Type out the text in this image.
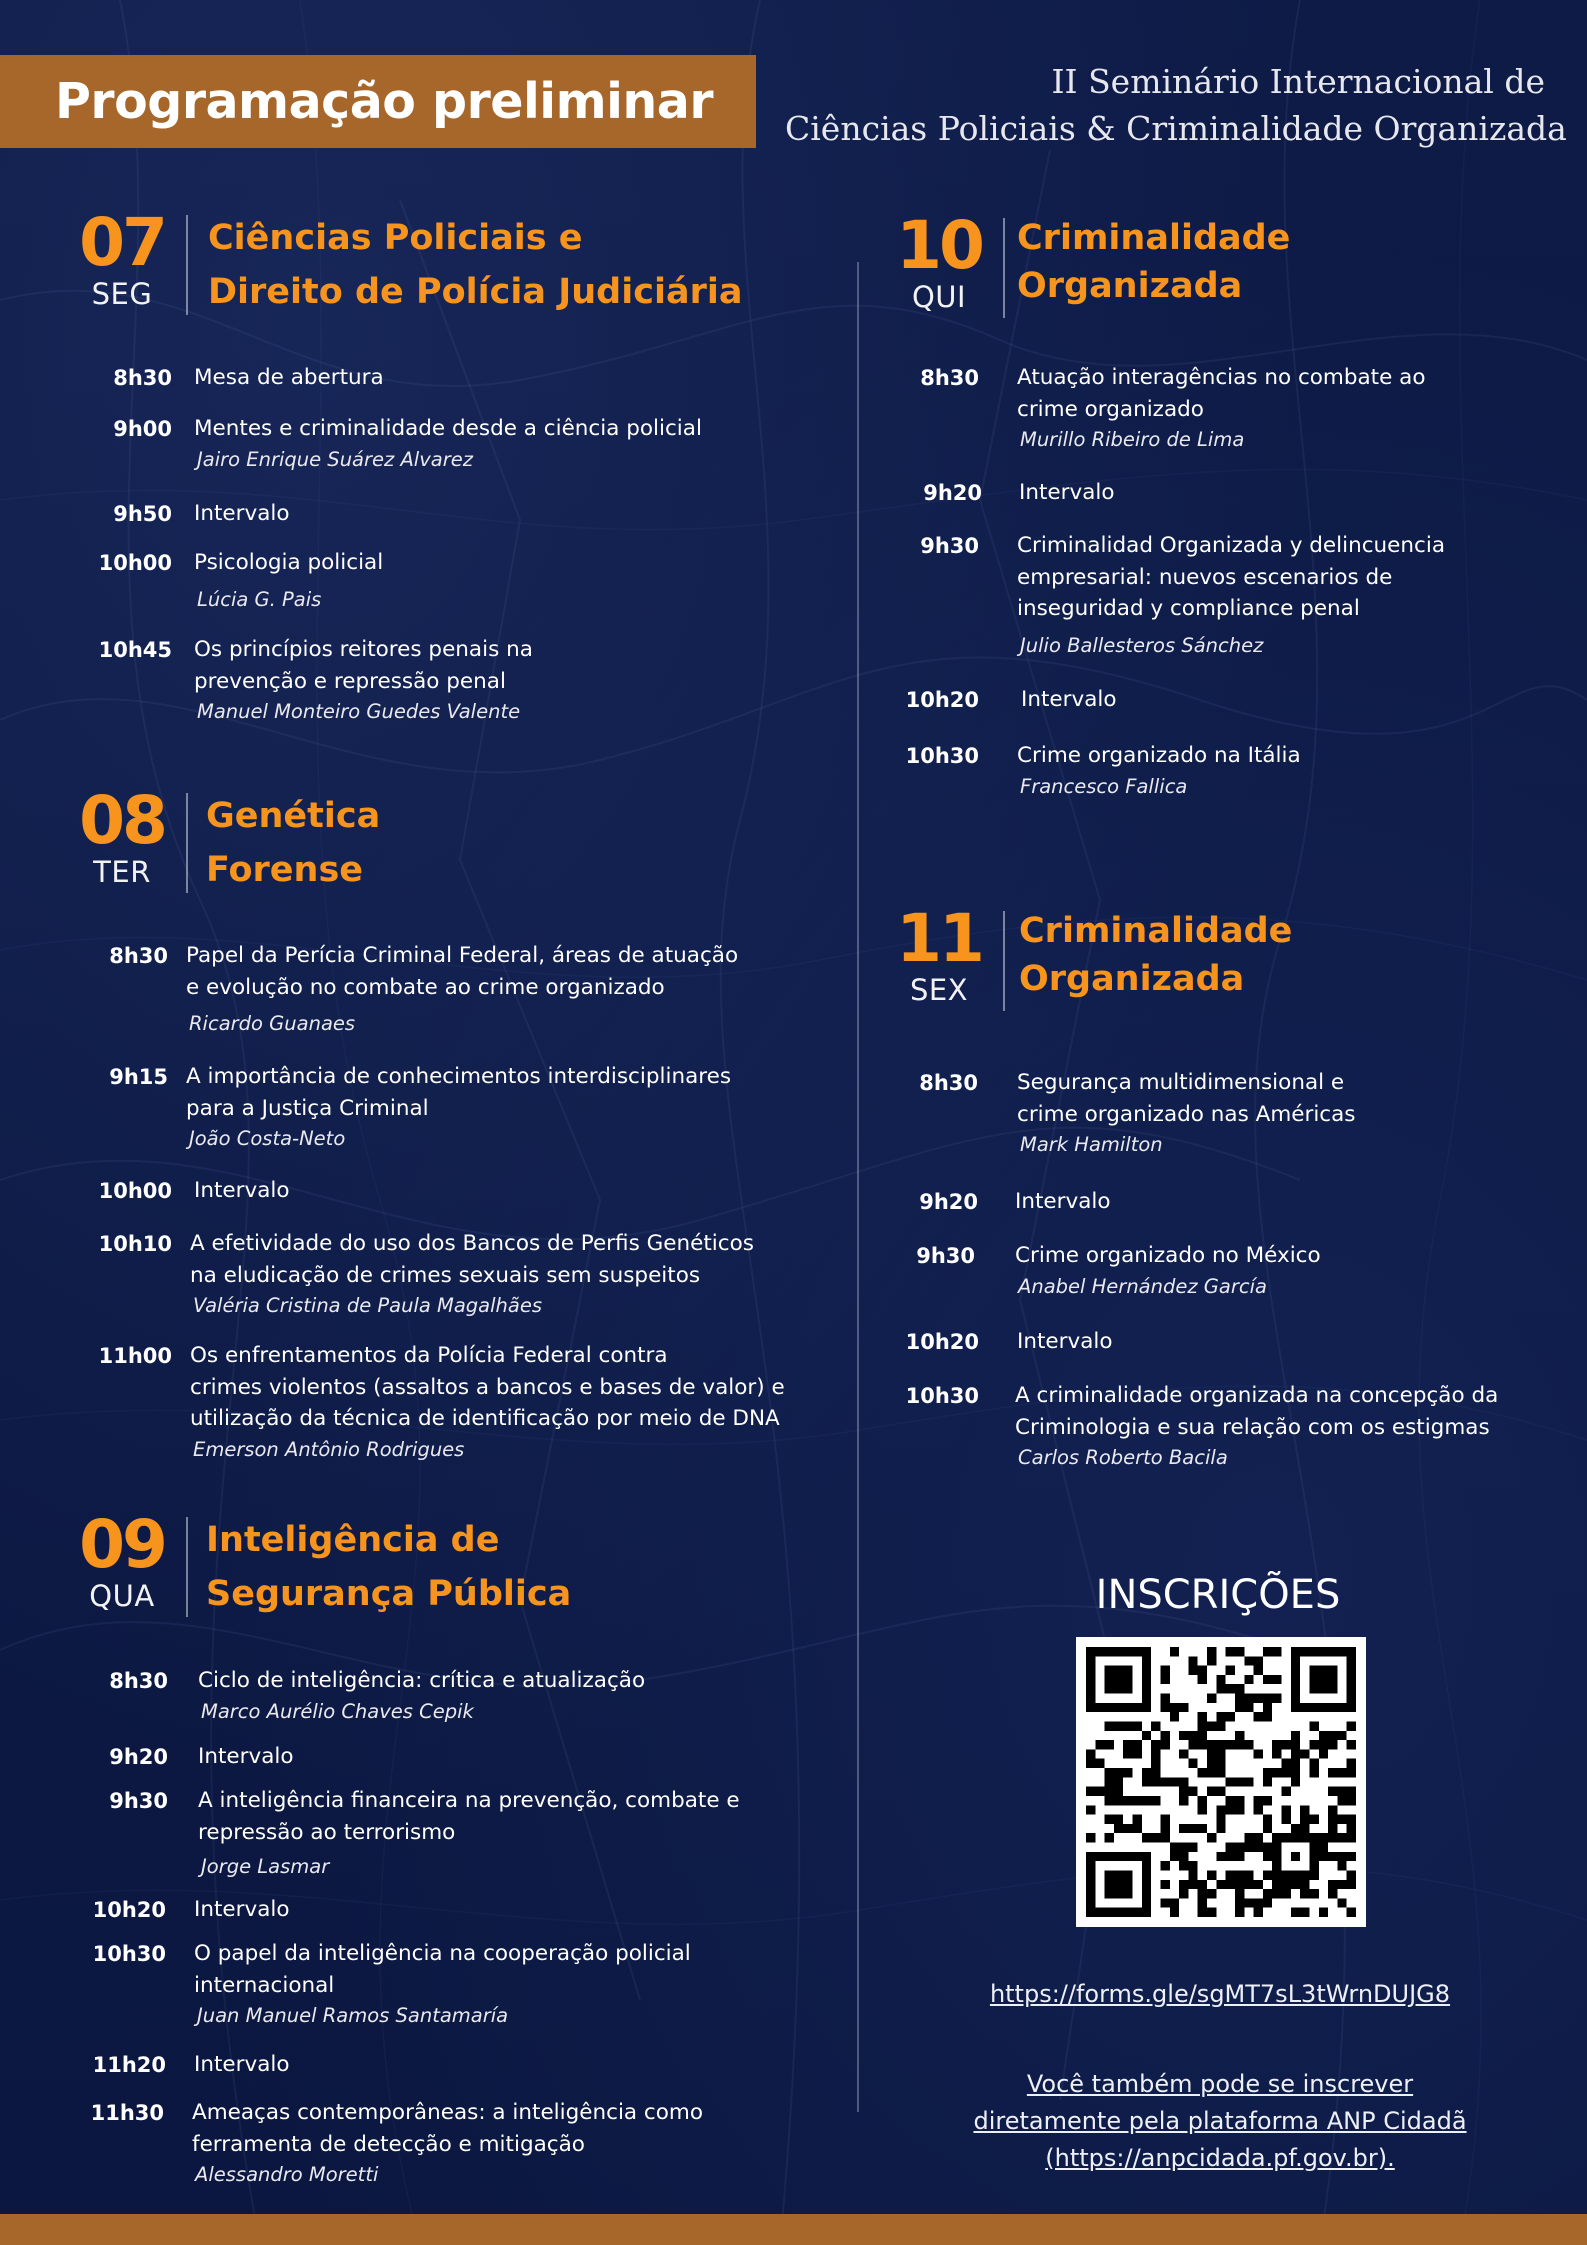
Programação preliminar	II Seminário Internacional de
Ciências Policiais & Criminalidade Organizada
07
SEG
Ciências Policiais e
Direito de Polícia Judiciária
8h30 Mesa de abertura
9h00 Mentes e criminalidade desde a ciência policial
Jairo Enrique Suárez Alvarez
9h50 Intervalo
10h00 Psicologia policial
Lúcia G. Pais
10h45 Os princípios reitores penais na
prevenção e repressão penal
Manuel Monteiro Guedes Valente
08
TER
Genética
Forense
8h30 Papel da Perícia Criminal Federal, áreas de atuação
e evolução no combate ao crime organizado
Ricardo Guanaes
9h15 A importância de conhecimentos interdisciplinares
para a Justiça Criminal
João Costa-Neto
10h00 Intervalo
10h10 A efetividade do uso dos Bancos de Perfis Genéticos
na eludicação de crimes sexuais sem suspeitos
Valéria Cristina de Paula Magalhães
11h00 Os enfrentamentos da Polícia Federal contra
crimes violentos (assaltos a bancos e bases de valor) e
utilização da técnica de identificação por meio de DNA
Emerson Antônio Rodrigues
09
QUA
Inteligência de
Segurança Pública
8h30 Ciclo de inteligência: crítica e atualização
Marco Aurélio Chaves Cepik
9h20 Intervalo
9h30 A inteligência financeira na prevenção, combate e
repressão ao terrorismo
Jorge Lasmar
10h20 Intervalo
10h30 O papel da inteligência na cooperação policial
internacional
Juan Manuel Ramos Santamaría
11h20 Intervalo
11h30 Ameaças contemporâneas: a inteligência como
ferramenta de detecção e mitigação
Alessandro Moretti
10
QUI
Criminalidade
Organizada
8h30 Atuação interagências no combate ao
crime organizado
Murillo Ribeiro de Lima
9h20 Intervalo
9h30 Criminalidad Organizada y delincuencia
empresarial: nuevos escenarios de
inseguridad y compliance penal
Julio Ballesteros Sánchez
10h20 Intervalo
10h30 Crime organizado na Itália
Francesco Fallica
11
SEX
Criminalidade
Organizada
8h30 Segurança multidimensional e
crime organizado nas Américas
Mark Hamilton
9h20 Intervalo
9h30 Crime organizado no México
Anabel Hernández García
10h20 Intervalo
10h30 A criminalidade organizada na concepção da
Criminologia e sua relação com os estigmas
Carlos Roberto Bacila
INSCRIÇÕES
https://forms.gle/sgMT7sL3tWrnDUJG8
Você também pode se inscrever
diretamente pela plataforma ANP Cidadã
(https://anpcidada.pf.gov.br).
